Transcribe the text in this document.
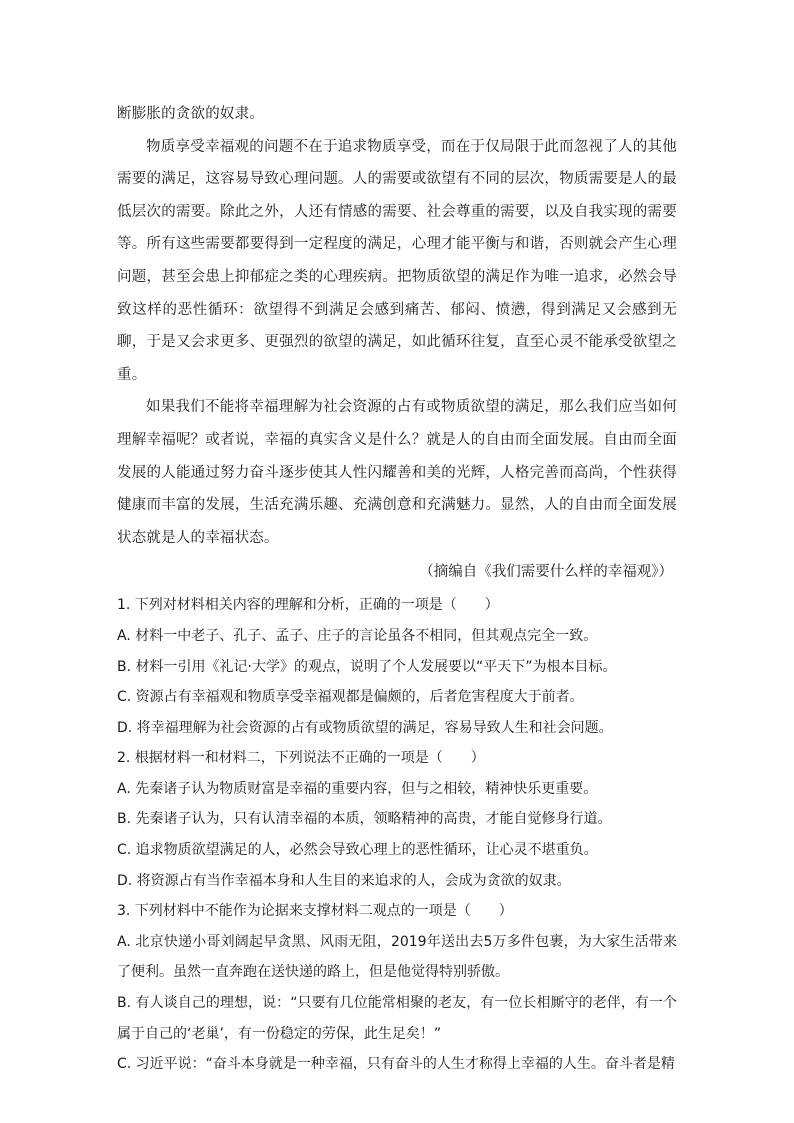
断膨胀的贪欲的奴隶。

物质享受幸福观的问题不在于追求物质享受，而在于仅局限于此而忽视了人的其他需要的满足，这容易导致心理问题。人的需要或欲望有不同的层次，物质需要是人的最低层次的需要。除此之外，人还有情感的需要、社会尊重的需要，以及自我实现的需要等。所有这些需要都要得到一定程度的满足，心理才能平衡与和谐，否则就会产生心理问题，甚至会患上抑郁症之类的心理疾病。把物质欲望的满足作为唯一追求，必然会导致这样的恶性循环：欲望得不到满足会感到痛苦、郁闷、愤懑，得到满足又会感到无聊，于是又会求更多、更强烈的欲望的满足，如此循环往复，直至心灵不能承受欲望之重。

如果我们不能将幸福理解为社会资源的占有或物质欲望的满足，那么我们应当如何理解幸福呢？或者说，幸福的真实含义是什么？就是人的自由而全面发展。自由而全面发展的人能通过努力奋斗逐步使其人性闪耀善和美的光辉，人格完善而高尚，个性获得健康而丰富的发展，生活充满乐趣、充满创意和充满魅力。显然，人的自由而全面发展状态就是人的幸福状态。

（摘编自《我们需要什么样的幸福观》）

1. 下列对材料相关内容的理解和分析，正确的一项是（　　）

A. 材料一中老子、孔子、孟子、庄子的言论虽各不相同，但其观点完全一致。

B. 材料一引用《礼记·大学》的观点，说明了个人发展要以“平天下”为根本目标。

C. 资源占有幸福观和物质享受幸福观都是偏颇的，后者危害程度大于前者。

D. 将幸福理解为社会资源的占有或物质欲望的满足，容易导致人生和社会问题。

2. 根据材料一和材料二，下列说法不正确的一项是（　　）

A. 先秦诸子认为物质财富是幸福的重要内容，但与之相较，精神快乐更重要。

B. 先秦诸子认为，只有认清幸福的本质，领略精神的高贵，才能自觉修身行道。

C. 追求物质欲望满足的人，必然会导致心理上的恶性循环，让心灵不堪重负。

D. 将资源占有当作幸福本身和人生目的来追求的人，会成为贪欲的奴隶。

3. 下列材料中不能作为论据来支撑材料二观点的一项是（　　）

A. 北京快递小哥刘阔起早贪黑、风雨无阻，2019年送出去5万多件包裹，为大家生活带来了便利。虽然一直奔跑在送快递的路上，但是他觉得特别骄傲。

B. 有人谈自己的理想，说：“只要有几位能常相聚的老友，有一位长相厮守的老伴，有一个属于自己的‘老巢’，有一份稳定的劳保，此生足矣！”

C. 习近平说：“奋斗本身就是一种幸福，只有奋斗的人生才称得上幸福的人生。奋斗者是精
